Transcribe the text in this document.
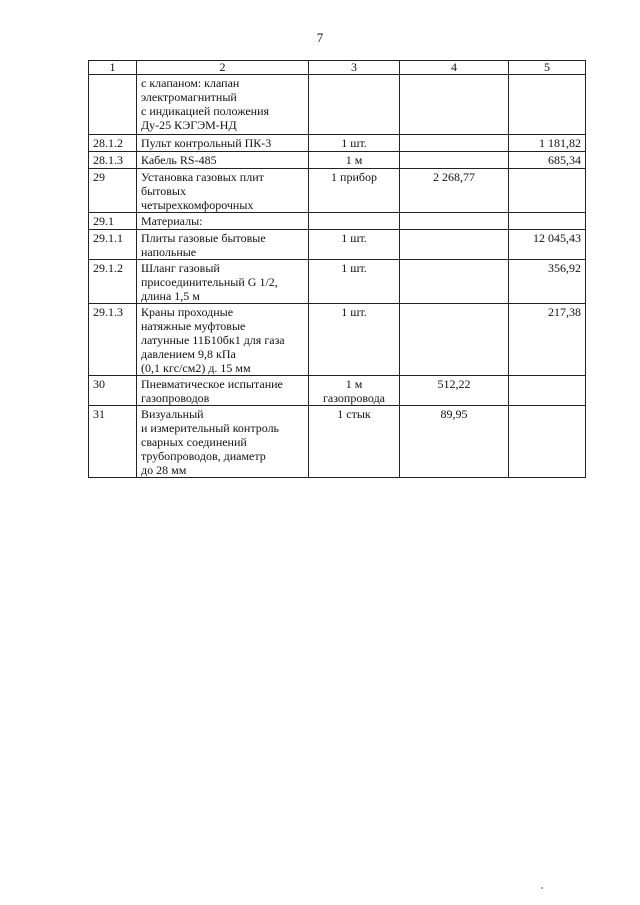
7
1	2	3	4	5
	с клапаном: клапан
электромагнитный
с индикацией положения
Ду-25 КЭГЭМ-НД			
28.1.2	Пульт контрольный ПК-3	1 шт.		1 181,82
28.1.3	Кабель RS-485	1 м		685,34
29	Установка газовых плит
бытовых
четырехкомфорочных	1 прибор	2 268,77	
29.1	Материалы:			
29.1.1	Плиты газовые бытовые
напольные	1 шт.		12 045,43
29.1.2	Шланг газовый
присоединительный G 1/2,
длина 1,5 м	1 шт.		356,92
29.1.3	Краны проходные
натяжные муфтовые
латунные 11Б10бк1 для газа
давлением 9,8 кПа
(0,1 кгс/см2) д. 15 мм	1 шт.		217,38
30	Пневматическое испытание
газопроводов	1 м
газопровода	512,22	
31	Визуальный
и измерительный контроль
сварных соединений
трубопроводов, диаметр
до 28 мм	1 стык	89,95	
